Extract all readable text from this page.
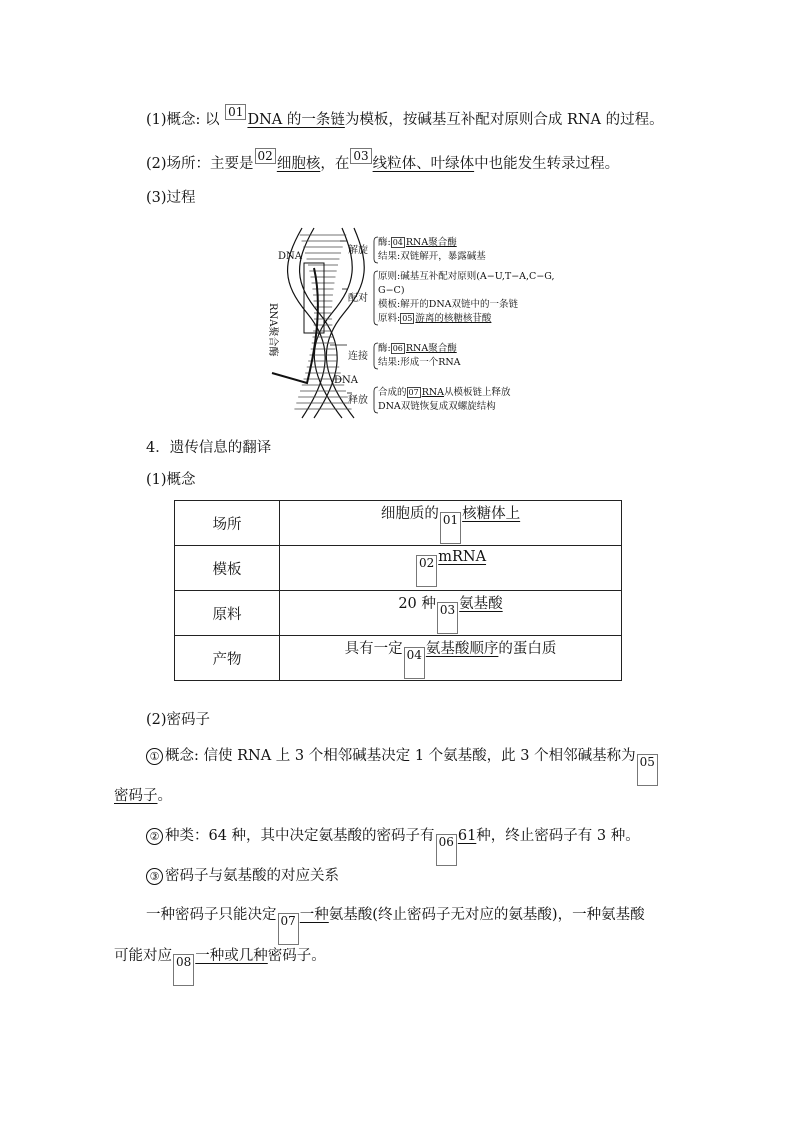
(1)概念: 以 01 DNA 的一条链为模板，按碱基互补配对原则合成 RNA 的过程。
(2)场所：主要是 02 细胞核，在 03 线粒体、叶绿体中也能发生转录过程。
(3)过程
DNA
DNA
RNA聚合酶
解旋
酶: 04 RNA聚合酶
结果:双链解开，暴露碱基
配对
原则:碱基互补配对原则(A−U,T−A,C−G,
G−C)
模板:解开的DNA双链中的一条链
原料: 05 游离的核糖核苷酸
连接
酶: 06 RNA聚合酶
结果:形成一个RNA
释放
合成的 07 RNA从模板链上释放
DNA双链恢复成双螺旋结构
4．遗传信息的翻译
(1)概念
场所	细胞质的 01 核糖体上
模板	02 mRNA
原料	20 种 03 氨基酸
产物	具有一定 04 氨基酸顺序的蛋白质
(2)密码子
① 概念: 信使 RNA 上 3 个相邻碱基决定 1 个氨基酸，此 3 个相邻碱基称为 05
密码子。
② 种类：64 种，其中决定氨基酸的密码子有 06 61种，终止密码子有 3 种。
③ 密码子与氨基酸的对应关系
一种密码子只能决定 07 一种氨基酸(终止密码子无对应的氨基酸)，一种氨基酸
可能对应 08 一种或几种密码子。
